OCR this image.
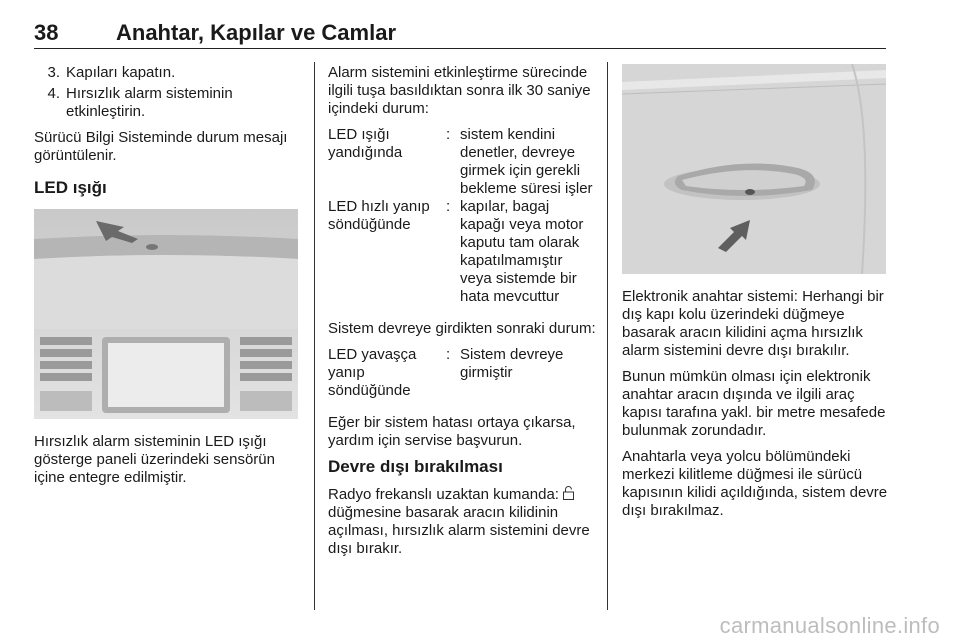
38	Anahtar, Kapılar ve Camlar
3. Kapıları kapatın.
4. Hırsızlık alarm sisteminin etkinleştirin.

Sürücü Bilgi Sisteminde durum mesajı görüntülenir.

LED ışığı

Hırsızlık alarm sisteminin LED ışığı gösterge paneli üzerindeki sensörün içine entegre edilmiştir.

Alarm sistemini etkinleştirme sürecinde ilgili tuşa basıldıktan sonra ilk 30 saniye içindeki durum:

LED ışığı yandığında
: sistem kendini denetler, devreye girmek için gerekli bekleme süresi işler
LED hızlı yanıp söndüğünde
: kapılar, bagaj kapağı veya motor kaputu tam olarak kapatılmamıştır veya sistemde bir hata mevcuttur

Sistem devreye girdikten sonraki durum:

LED yavaşça yanıp söndüğünde
: Sistem devreye girmiştir

Eğer bir sistem hatası ortaya çıkarsa, yardım için servise başvurun.

Devre dışı bırakılması

Radyo frekanslı uzaktan kumanda:  düğmesine basarak aracın kilidinin açılması, hırsızlık alarm sistemini devre dışı bırakır.

Elektronik anahtar sistemi: Herhangi bir dış kapı kolu üzerindeki düğmeye basarak aracın kilidini açma hırsızlık alarm sistemini devre dışı bırakılır.

Bunun mümkün olması için elektronik anahtar aracın dışında ve ilgili araç kapısı tarafına yakl. bir metre mesafede bulunmak zorundadır.

Anahtarla veya yolcu bölümündeki merkezi kilitleme düğmesi ile sürücü kapısının kilidi açıldığında, sistem devre dışı bırakılmaz.

carmanualsonline.info
